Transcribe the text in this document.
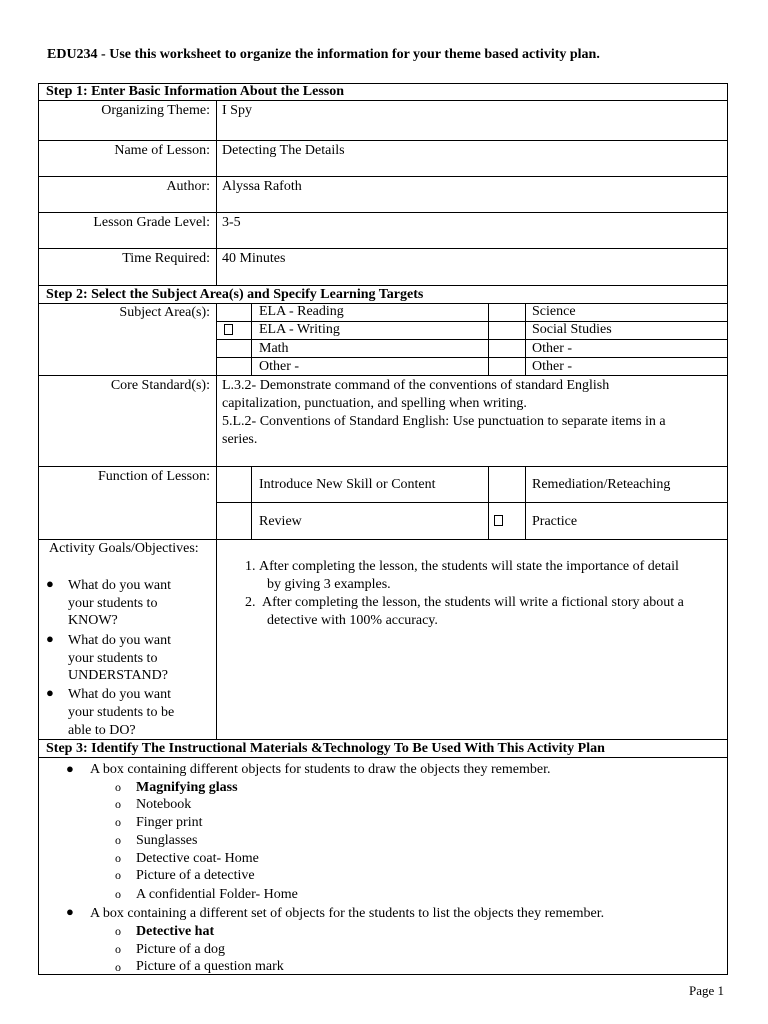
EDU234 - Use this worksheet to organize the information for your theme based activity plan.
Step 1: Enter Basic Information About the Lesson
Organizing Theme: I Spy
Name of Lesson: Detecting The Details
Author: Alyssa Rafoth
Lesson Grade Level: 3-5
Time Required: 40 Minutes
Step 2: Select the Subject Area(s) and Specify Learning Targets
Subject Area(s):	ELA - Reading	Science
ELA - Writing	Social Studies
Math	Other -
Other -	Other -
Core Standard(s): L.3.2- Demonstrate command of the conventions of standard English
capitalization, punctuation, and spelling when writing.
5.L.2- Conventions of Standard English: Use punctuation to separate items in a
series.
Function of Lesson:
Introduce New Skill or Content	Remediation/Reteaching
Review	Practice
Activity Goals/Objectives:
● What do you want
your students to
KNOW?
● What do you want
your students to
UNDERSTAND?
● What do you want
your students to be
able to DO?
1. After completing the lesson, the students will state the importance of detail
by giving 3 examples.
2. After completing the lesson, the students will write a fictional story about a
detective with 100% accuracy.
Step 3: Identify The Instructional Materials &Technology To Be Used With This Activity Plan
● A box containing different objects for students to draw the objects they remember.
o Magnifying glass
o Notebook
o Finger print
o Sunglasses
o Detective coat- Home
o Picture of a detective
o A confidential Folder- Home
● A box containing a different set of objects for the students to list the objects they remember.
o Detective hat
o Picture of a dog
o Picture of a question mark
Page 1
